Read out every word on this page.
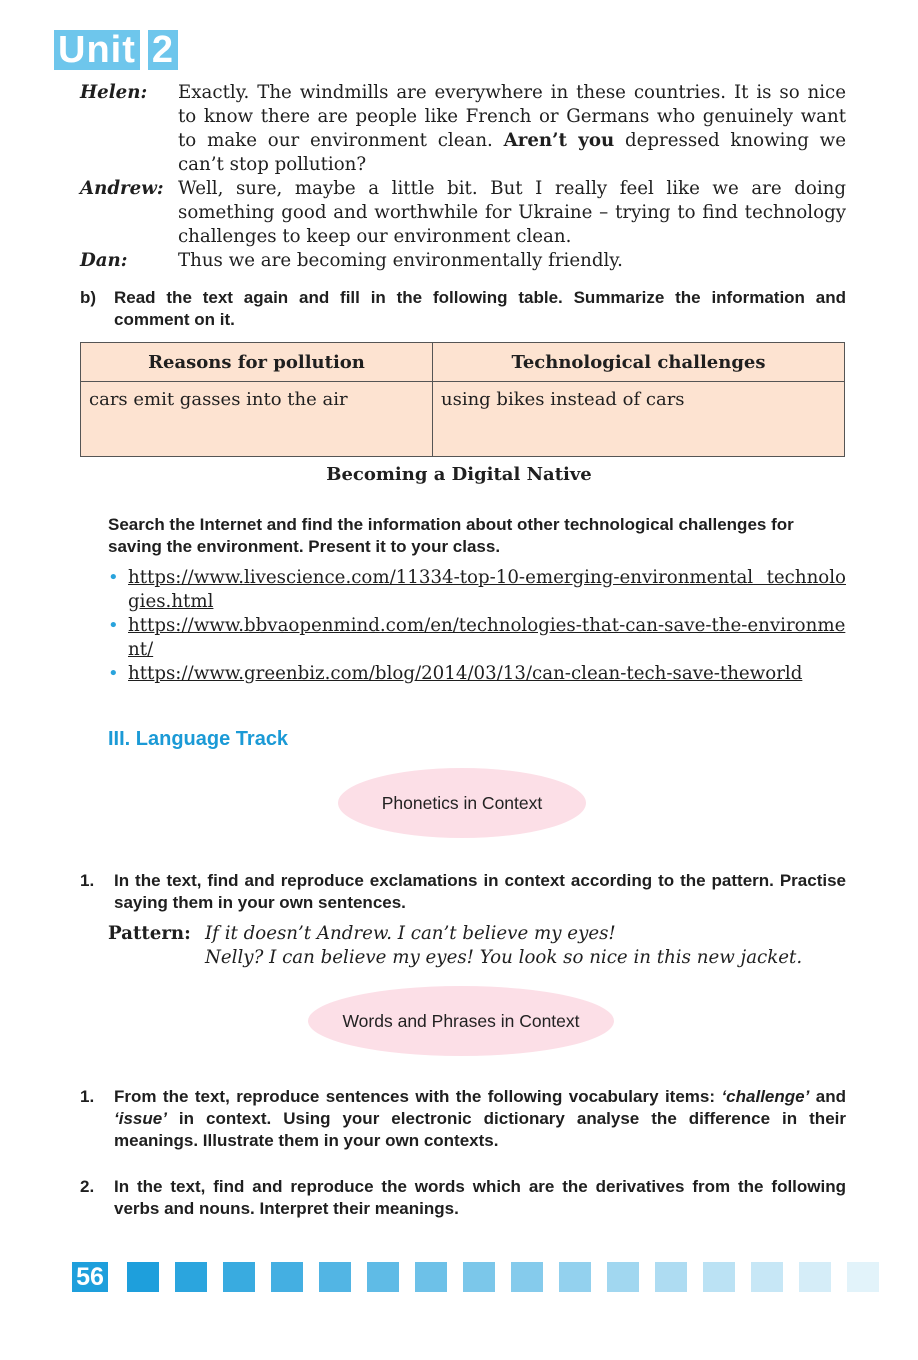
Unit 2
Helen:	Exactly. The windmills are everywhere in these countries. It is so nice to know there are people like French or Germans who genuinely want to make our environment clean. Aren’t you depressed knowing we can’t stop pollution?
Andrew: Well, sure, maybe a little bit. But I really feel like we are doing something good and worthwhile for Ukraine – trying to find technology challenges to keep our environment clean.
Dan:	Thus we are becoming environmentally friendly.
b)	Read the text again and fill in the following table. Summarize the information and comment on it.
Reasons for pollution	Technological challenges
cars emit gasses into the air	using bikes instead of cars
Becoming a Digital Native
Search the Internet and find the information about other technological challenges for saving the environment. Present it to your class.
• https://www.livescience.com/11334-top-10-emerging-environmental technologies.html
• https://www.bbvaopenmind.com/en/technologies-that-can-save-the-environment/
• https://www.greenbiz.com/blog/2014/03/13/can-clean-tech-save-theworld
III. Language Track
Phonetics in Context
1.	In the text, find and reproduce exclamations in context according to the pattern. Practise saying them in your own sentences.
Pattern: If it doesn’t Andrew. I can’t believe my eyes!
Nelly? I can believe my eyes! You look so nice in this new jacket.
Words and Phrases in Context
1.	From the text, reproduce sentences with the following vocabulary items: ‘challenge’ and ‘issue’ in context. Using your electronic dictionary analyse the difference in their meanings. Illustrate them in your own contexts.
2.	In the text, find and reproduce the words which are the derivatives from the following verbs and nouns. Interpret their meanings.
56
